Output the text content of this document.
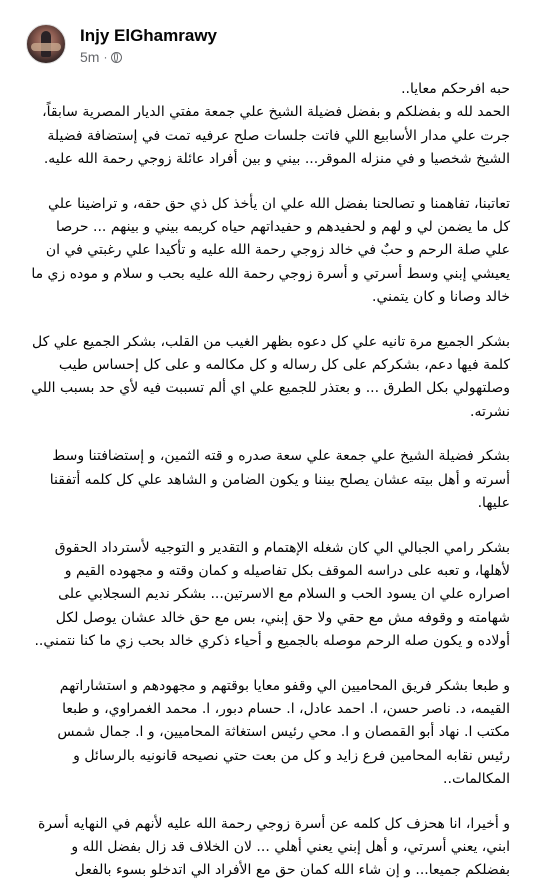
Injy ElGhamrawy
5m ·

حبه افرحكم معايا..

الحمد لله و بفضلكم و بفضل فضيلة الشيخ علي جمعة مفتي الديار المصرية سابقاً، جرت علي مدار الأسابيع اللي فاتت جلسات صلح عرفيه تمت في إستضافة فضيلة الشيخ شخصيا و في منزله الموقر... بيني و بين أفراد عائلة زوجي رحمة الله عليه.

تعاتبنا، تفاهمنا و تصالحنا بفضل الله علي ان يأخذ كل ذي حق حقه، و تراضينا علي كل ما يضمن لي و لهم و لحفيدهم و حفيداتهم حياه كريمه بيني و بينهم ... حرصا علي صلة الرحم و حبٌ في خالد زوجي رحمة الله عليه و تأكيدا علي رغبتي في ان يعيشي إبني وسط أسرتي و أسرة زوجي رحمة الله عليه بحب و سلام و موده زي ما خالد وصانا و كان يتمني.

بشكر الجميع مرة تانيه علي كل دعوه بظهر الغيب من القلب، بشكر الجميع علي كل كلمة فيها دعم، بشكركم على كل رساله و كل مكالمه و على كل إحساس طيب وصلتهولي بكل الطرق ... و بعتذر للجميع علي اي ألم تسببت فيه لأي حد بسبب اللي نشرته.

بشكر فضيلة الشيخ علي جمعة علي سعة صدره و قته الثمين، و إستضافتنا وسط أسرته و أهل بيته عشان يصلح بيننا و يكون الضامن و الشاهد علي كل كلمه أتفقنا عليها.

بشكر رامي الجبالي الي كان شغله الإهتمام و التقدير و التوجيه لأسترداد الحقوق لأهلها، و تعبه على دراسه الموقف بكل تفاصيله و كمان وقته و مجهوده القيم و اصراره علي ان يسود الحب و السلام مع الاسرتين... بشكر نديم السجلابي على شهامته و وقوفه مش مع حقي ولا حق إبني، بس مع حق خالد عشان يوصل لكل أولاده و يكون صله الرحم موصله بالجميع و أحياء ذكري خالد بحب زي ما كنا نتمني..

و طبعا بشكر فريق المحاميين الي وقفو معايا بوقتهم و مجهودهم و استشاراتهم القيمه، د. ناصر حسن، ا. احمد عادل، ا. حسام دبور، ا. محمد الغمراوي، و طبعا مكتب ا. نهاد أبو القمصان و ا. محي رئيس استغاثة المحاميين، و ا. جمال شمس رئيس نقابه المحامين فرع زايد و كل من بعت حتي نصيحه قانونيه بالرسائل و المكالمات..

و أخيرا، انا هحزف كل كلمه عن أسرة زوجي رحمة الله عليه لأنهم في النهايه أسرة ابني، يعني أسرتي، و أهل إبني يعني أهلي ... لان الخلاف قد زال بفضل الله و بفضلكم جميعا... و إن شاء الله كمان حق مع الأفراد الي اتدخلو بسوء بالفعل
